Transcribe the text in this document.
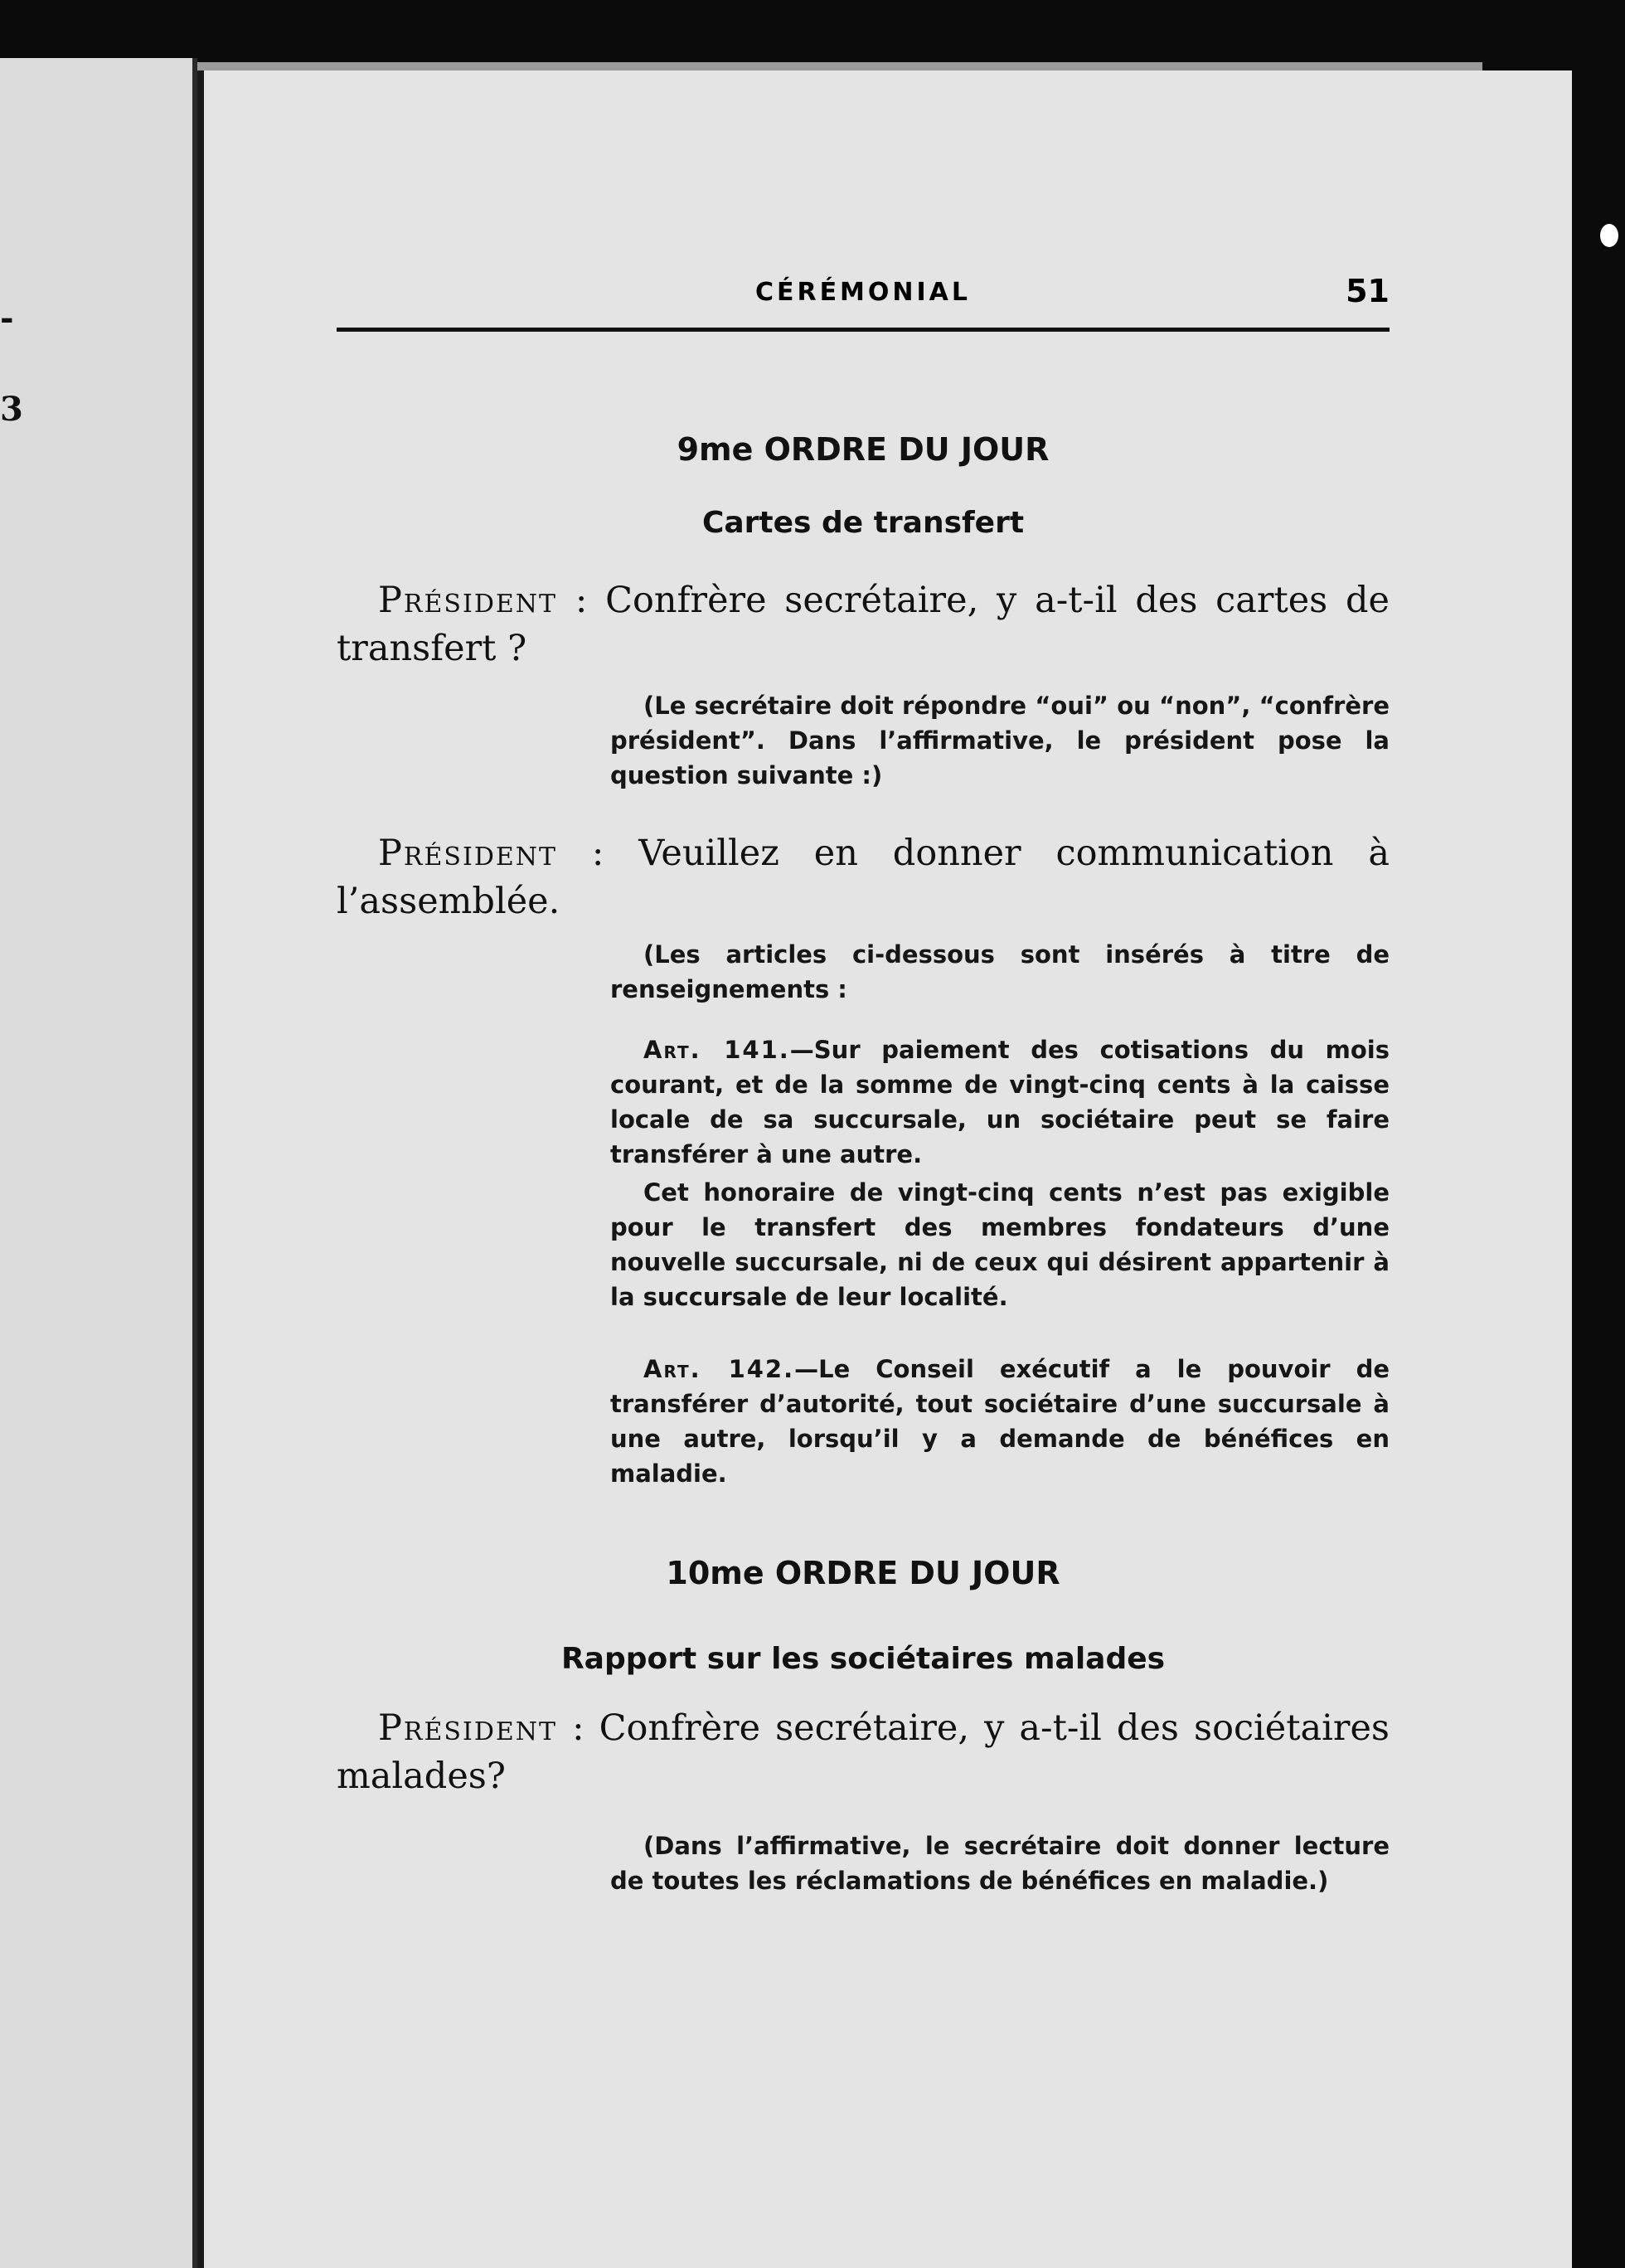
-
3
CÉRÉMONIAL	51
9me ORDRE DU JOUR
Cartes de transfert
Président : Confrère secrétaire, y a-t-il des cartes de transfert ?

(Le secrétaire doit répondre “oui” ou “non”, “confrère président”. Dans l’affirmative, le président pose la question suivante :)

Président : Veuillez en donner communication à l’assemblée.

(Les articles ci-dessous sont insérés à titre de renseignements :

Art. 141.—Sur paiement des cotisations du mois courant, et de la somme de vingt-cinq cents à la caisse locale de sa succursale, un sociétaire peut se faire transférer à une autre.

Cet honoraire de vingt-cinq cents n’est pas exigible pour le transfert des membres fondateurs d’une nouvelle succursale, ni de ceux qui désirent appartenir à la succursale de leur localité.

Art. 142.—Le Conseil exécutif a le pouvoir de transférer d’autorité, tout sociétaire d’une succursale à une autre, lorsqu’il y a demande de bénéfices en maladie.

10me ORDRE DU JOUR
Rapport sur les sociétaires malades
Président : Confrère secrétaire, y a-t-il des sociétaires malades?

(Dans l’affirmative, le secrétaire doit donner lecture de toutes les réclamations de bénéfices en maladie.)
